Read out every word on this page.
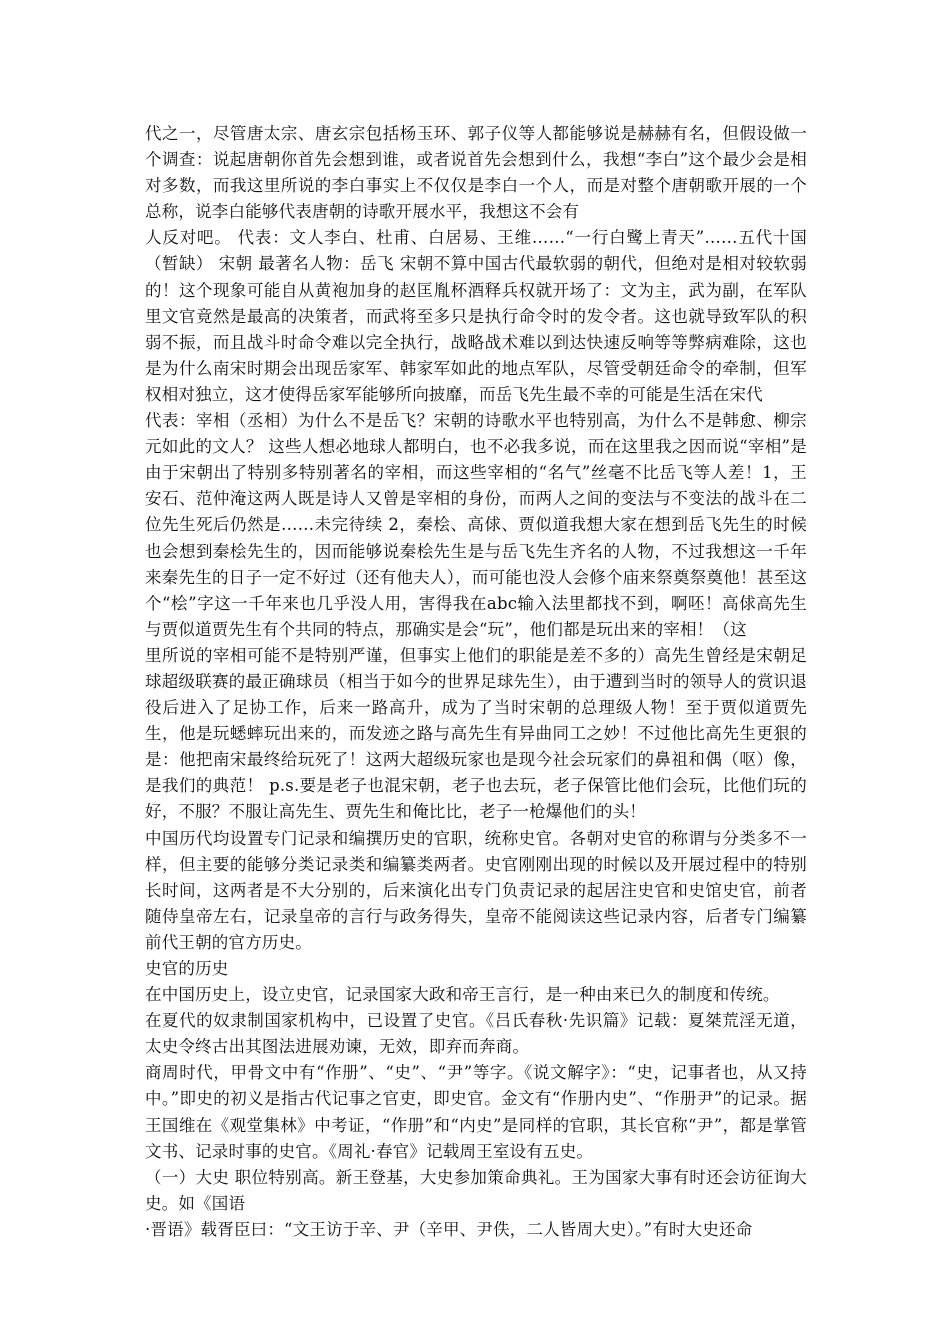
代之一，尽管唐太宗、唐玄宗包括杨玉环、郭子仪等人都能够说是赫赫有名，但假设做一个调查：说起唐朝你首先会想到谁，或者说首先会想到什么，我想“李白”这个最少会是相对多数，而我这里所说的李白事实上不仅仅是李白一个人，而是对整个唐朝歌开展的一个总称，说李白能够代表唐朝的诗歌开展水平，我想这不会有

人反对吧。 代表：文人李白、杜甫、白居易、王维……“一行白鹭上青天”……五代十国 （暂缺） 宋朝 最著名人物：岳飞 宋朝不算中国古代最软弱的朝代，但绝对是相对较软弱的！这个现象可能自从黄袍加身的赵匡胤杯酒释兵权就开场了：文为主，武为副，在军队里文官竟然是最高的决策者，而武将至多只是执行命令时的发令者。这也就导致军队的积弱不振，而且战斗时命令难以完全执行，战略战术难以到达快速反响等等弊病难除，这也是为什么南宋时期会出现岳家军、韩家军如此的地点军队，尽管受朝廷命令的牵制，但军权相对独立，这才使得岳家军能够所向披靡，而岳飞先生最不幸的可能是生活在宋代

代表：宰相（丞相）为什么不是岳飞？宋朝的诗歌水平也特别高，为什么不是韩愈、柳宗元如此的文人？ 这些人想必地球人都明白，也不必我多说，而在这里我之因而说“宰相”是由于宋朝出了特别多特别著名的宰相，而这些宰相的“名气”丝毫不比岳飞等人差！1，王安石、范仲淹这两人既是诗人又曾是宰相的身份，而两人之间的变法与不变法的战斗在二位先生死后仍然是……未完待续 2，秦桧、高俅、贾似道我想大家在想到岳飞先生的时候也会想到秦桧先生的，因而能够说秦桧先生是与岳飞先生齐名的人物，不过我想这一千年来秦先生的日子一定不好过（还有他夫人），而可能也没人会修个庙来祭奠祭奠他！甚至这个“桧”字这一千年来也几乎没人用，害得我在abc输入法里都找不到，啊呸！高俅高先生与贾似道贾先生有个共同的特点，那确实是会“玩”，他们都是玩出来的宰相！（这

里所说的宰相可能不是特别严谨，但事实上他们的职能是差不多的）高先生曾经是宋朝足球超级联赛的最正确球员（相当于如今的世界足球先生），由于遭到当时的领导人的赏识退役后进入了足协工作，后来一路高升，成为了当时宋朝的总理级人物！至于贾似道贾先生，他是玩蟋蟀玩出来的，而发迹之路与高先生有异曲同工之妙！不过他比高先生更狠的是：他把南宋最终给玩死了！这两大超级玩家也是现今社会玩家们的鼻祖和偶（呕）像，是我们的典范！ p.s.要是老子也混宋朝，老子也去玩，老子保管比他们会玩，比他们玩的好，不服？不服让高先生、贾先生和俺比比，老子一枪爆他们的头！

中国历代均设置专门记录和编撰历史的官职，统称史官。各朝对史官的称谓与分类多不一样，但主要的能够分类记录类和编纂类两者。史官刚刚出现的时候以及开展过程中的特别长时间，这两者是不大分别的，后来演化出专门负责记录的起居注史官和史馆史官，前者随侍皇帝左右，记录皇帝的言行与政务得失，皇帝不能阅读这些记录内容，后者专门编纂前代王朝的官方历史。

史官的历史

在中国历史上，设立史官，记录国家大政和帝王言行，是一种由来已久的制度和传统。

在夏代的奴隶制国家机构中，已设置了史官。《吕氏春秋·先识篇》记载：夏桀荒淫无道，太史令终古出其图法进展劝谏，无效，即弃而奔商。

商周时代，甲骨文中有“作册”、“史”、“尹”等字。《说文解字》：“史，记事者也，从又持中。”即史的初义是指古代记事之官吏，即史官。金文有“作册内史”、“作册尹”的记录。据王国维在《观堂集林》中考证，“作册”和“内史”是同样的官职，其长官称“尹”，都是掌管文书、记录时事的史官。《周礼·春官》记载周王室设有五史。

（一）大史 职位特别高。新王登基，大史参加策命典礼。王为国家大事有时还会访征询大史。如《国语

·晋语》载胥臣曰：“文王访于辛、尹（辛甲、尹佚，二人皆周大史）。”有时大史还命
